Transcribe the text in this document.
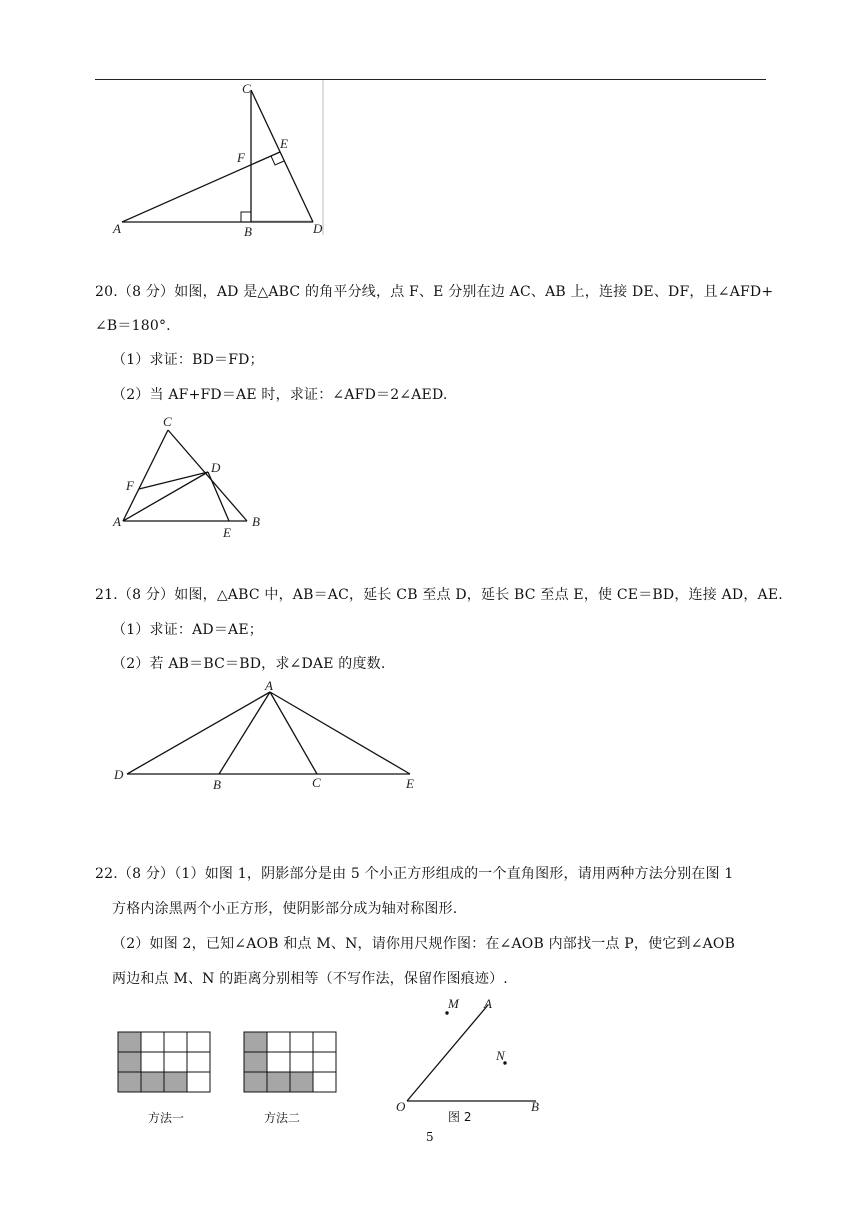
C
E
F
A	B	D
20.（8 分）如图，AD 是△ABC 的角平分线，点 F、E 分别在边 AC、AB 上，连接 DE、DF，且∠AFD+
∠B＝180°.
（1）求证：BD＝FD；
（2）当 AF+FD＝AE 时，求证：∠AFD＝2∠AED.
C
D
F
A
E
B
21.（8 分）如图，△ABC 中，AB＝AC，延长 CB 至点 D，延长 BC 至点 E，使 CE＝BD，连接 AD，AE.
（1）求证：AD＝AE；
（2）若 AB＝BC＝BD，求∠DAE 的度数.
A
D
B	C	E
22.（8 分）（1）如图 1，阴影部分是由 5 个小正方形组成的一个直角图形，请用两种方法分别在图 1
方格内涂黑两个小正方形，使阴影部分成为轴对称图形.
（2）如图 2，已知∠AOB 和点 M、N，请你用尺规作图：在∠AOB 内部找一点 P，使它到∠AOB
两边和点 M、N 的距离分别相等（不写作法，保留作图痕迹）.
方法一	方法二
M A
N
O	B
图 2
5
